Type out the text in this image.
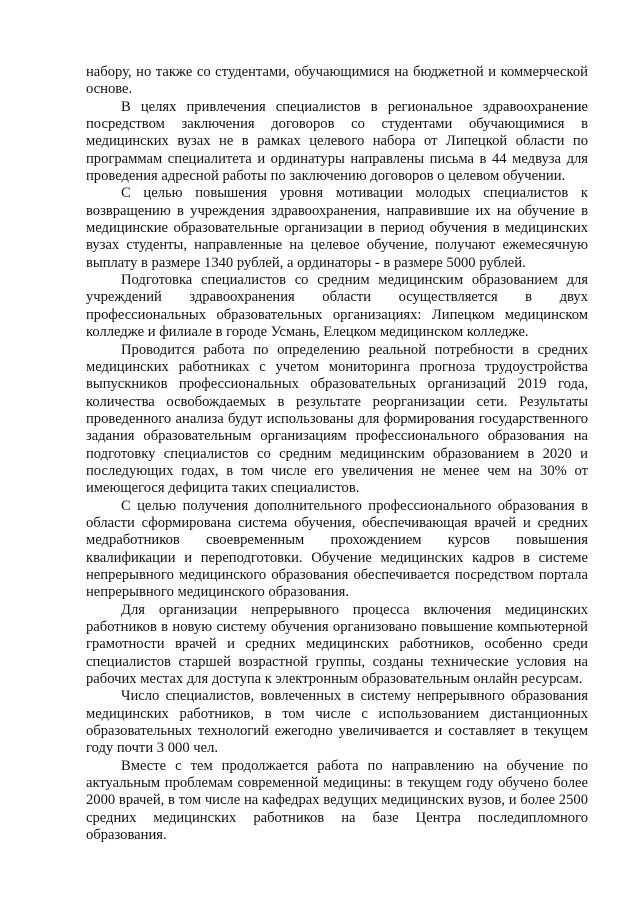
набору, но также со студентами, обучающимися на бюджетной и коммерческой основе.

В целях привлечения специалистов в региональное здравоохранение посредством заключения договоров со студентами обучающимися в медицинских вузах не в рамках целевого набора от Липецкой области по программам специалитета и ординатуры направлены письма в 44 медвуза для проведения адресной работы по заключению договоров о целевом обучении.

С целью повышения уровня мотивации молодых специалистов к возвращению в учреждения здравоохранения, направившие их на обучение в медицинские образовательные организации в период обучения в медицинских вузах студенты, направленные на целевое обучение, получают ежемесячную выплату в размере 1340 рублей, а ординаторы - в размере 5000 рублей.

Подготовка специалистов со средним медицинским образованием для учреждений здравоохранения области осуществляется в двух профессиональных образовательных организациях: Липецком медицинском колледже и филиале в городе Усмань, Елецком медицинском колледже.

Проводится работа по определению реальной потребности в средних медицинских работниках с учетом мониторинга прогноза трудоустройства выпускников профессиональных образовательных организаций 2019 года, количества освобождаемых в результате реорганизации сети. Результаты проведенного анализа будут использованы для формирования государственного задания образовательным организациям профессионального образования на подготовку специалистов со средним медицинским образованием в 2020 и последующих годах, в том числе его увеличения не менее чем на 30% от имеющегося дефицита таких специалистов.

С целью получения дополнительного профессионального образования в области сформирована система обучения, обеспечивающая врачей и средних медработников своевременным прохождением курсов повышения квалификации и переподготовки. Обучение медицинских кадров в системе непрерывного медицинского образования обеспечивается посредством портала непрерывного медицинского образования.

Для организации непрерывного процесса включения медицинских работников в новую систему обучения организовано повышение компьютерной грамотности врачей и средних медицинских работников, особенно среди специалистов старшей возрастной группы, созданы технические условия на рабочих местах для доступа к электронным образовательным онлайн ресурсам.

Число специалистов, вовлеченных в систему непрерывного образования медицинских работников, в том числе с использованием дистанционных образовательных технологий ежегодно увеличивается и составляет в текущем году почти 3 000 чел.

Вместе с тем продолжается работа по направлению на обучение по актуальным проблемам современной медицины: в текущем году обучено более 2000 врачей, в том числе на кафедрах ведущих медицинских вузов, и более 2500 средних медицинских работников на базе Центра последипломного образования.
